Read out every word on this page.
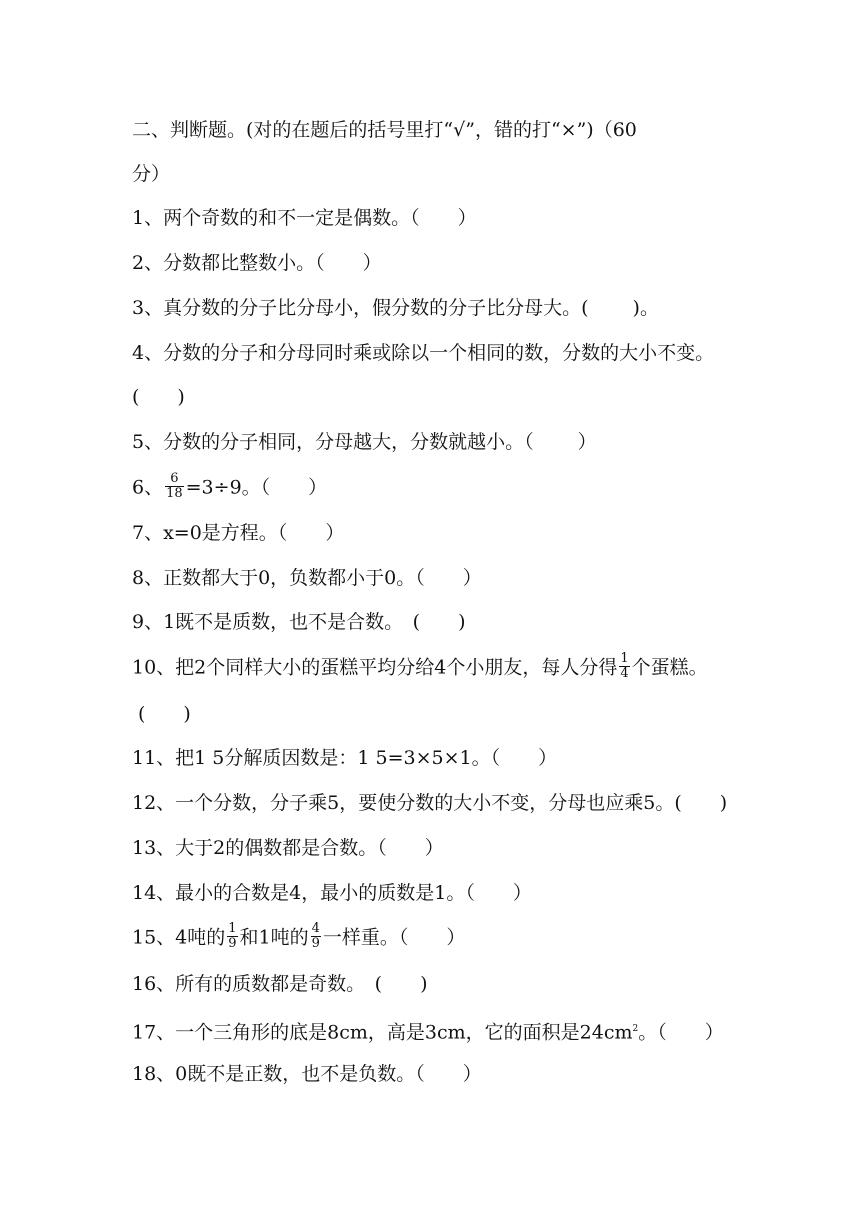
二、判断题。(对的在题后的括号里打“√”，错的打“×”)（60
分）
1、两个奇数的和不一定是偶数。（　　）
2、分数都比整数小。（　　）
3、真分数的分子比分母小，假分数的分子比分母大。(　　 )。
4、分数的分子和分母同时乘或除以一个相同的数，分数的大小不变。
(　　)
5、分数的分子相同，分母越大，分数就越小。（　　 ）
6、 $\frac{6}{18} =3\div 9$。（　　）
7、x=0是方程。（　　）
8、正数都大于0，负数都小于0。（　　）
9、1既不是质数，也不是合数。　(　　)
10、把2个同样大小的蛋糕平均分给4个小朋友，每人分得 $\frac{1}{4}$ 个蛋糕。
(　　)
11、把1 5分解质因数是：1 5=3×5×1。（　　）
12、一个分数，分子乘5，要使分数的大小不变，分母也应乘5。(　　)
13、大于2的偶数都是合数。（　　）
14、最小的合数是4，最小的质数是1。（　　）
15、4吨的 $\frac{1}{9}$ 和1吨的 $\frac{4}{9}$ 一样重。（　　）
16、所有的质数都是奇数。　(　　)
17、一个三角形的底是8cm，高是3cm，它的面积是$24cm^2$。（　　）
18、0既不是正数，也不是负数。（　　）
